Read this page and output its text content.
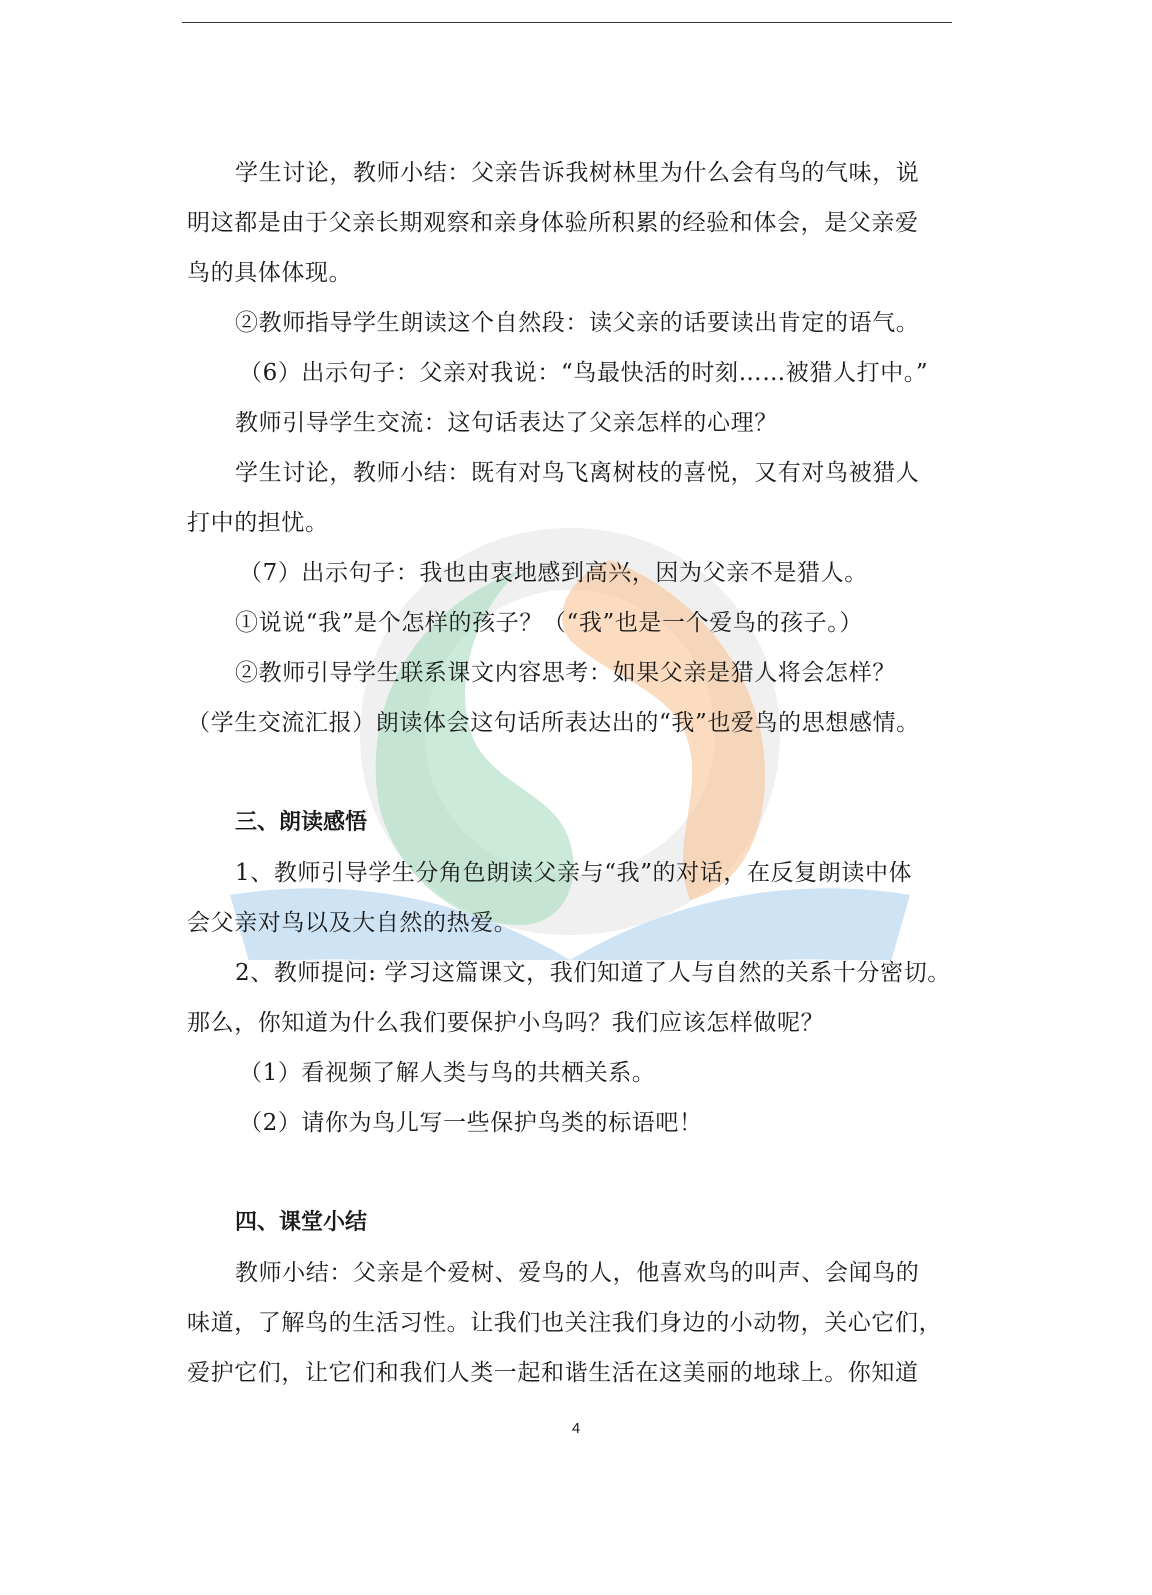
学生讨论，教师小结：父亲告诉我树林里为什么会有鸟的气味，说

明这都是由于父亲长期观察和亲身体验所积累的经验和体会，是父亲爱

鸟的具体体现。

②教师指导学生朗读这个自然段：读父亲的话要读出肯定的语气。

（6）出示句子：父亲对我说：“鸟最快活的时刻……被猎人打中。”

教师引导学生交流：这句话表达了父亲怎样的心理？

学生讨论，教师小结：既有对鸟飞离树枝的喜悦，又有对鸟被猎人

打中的担忧。

（7）出示句子：我也由衷地感到高兴，因为父亲不是猎人。

①说说“我”是个怎样的孩子？（“我”也是一个爱鸟的孩子。）

②教师引导学生联系课文内容思考：如果父亲是猎人将会怎样？

（学生交流汇报）朗读体会这句话所表达出的“我”也爱鸟的思想感情。

三、朗读感悟

1、教师引导学生分角色朗读父亲与“我”的对话，在反复朗读中体

会父亲对鸟以及大自然的热爱。

2、教师提问: 学习这篇课文，我们知道了人与自然的关系十分密切。

那么，你知道为什么我们要保护小鸟吗？我们应该怎样做呢？

（1）看视频了解人类与鸟的共栖关系。

（2）请你为鸟儿写一些保护鸟类的标语吧！

四、课堂小结

教师小结：父亲是个爱树、爱鸟的人，他喜欢鸟的叫声、会闻鸟的

味道，了解鸟的生活习性。让我们也关注我们身边的小动物，关心它们，

爱护它们，让它们和我们人类一起和谐生活在这美丽的地球上。你知道

4
